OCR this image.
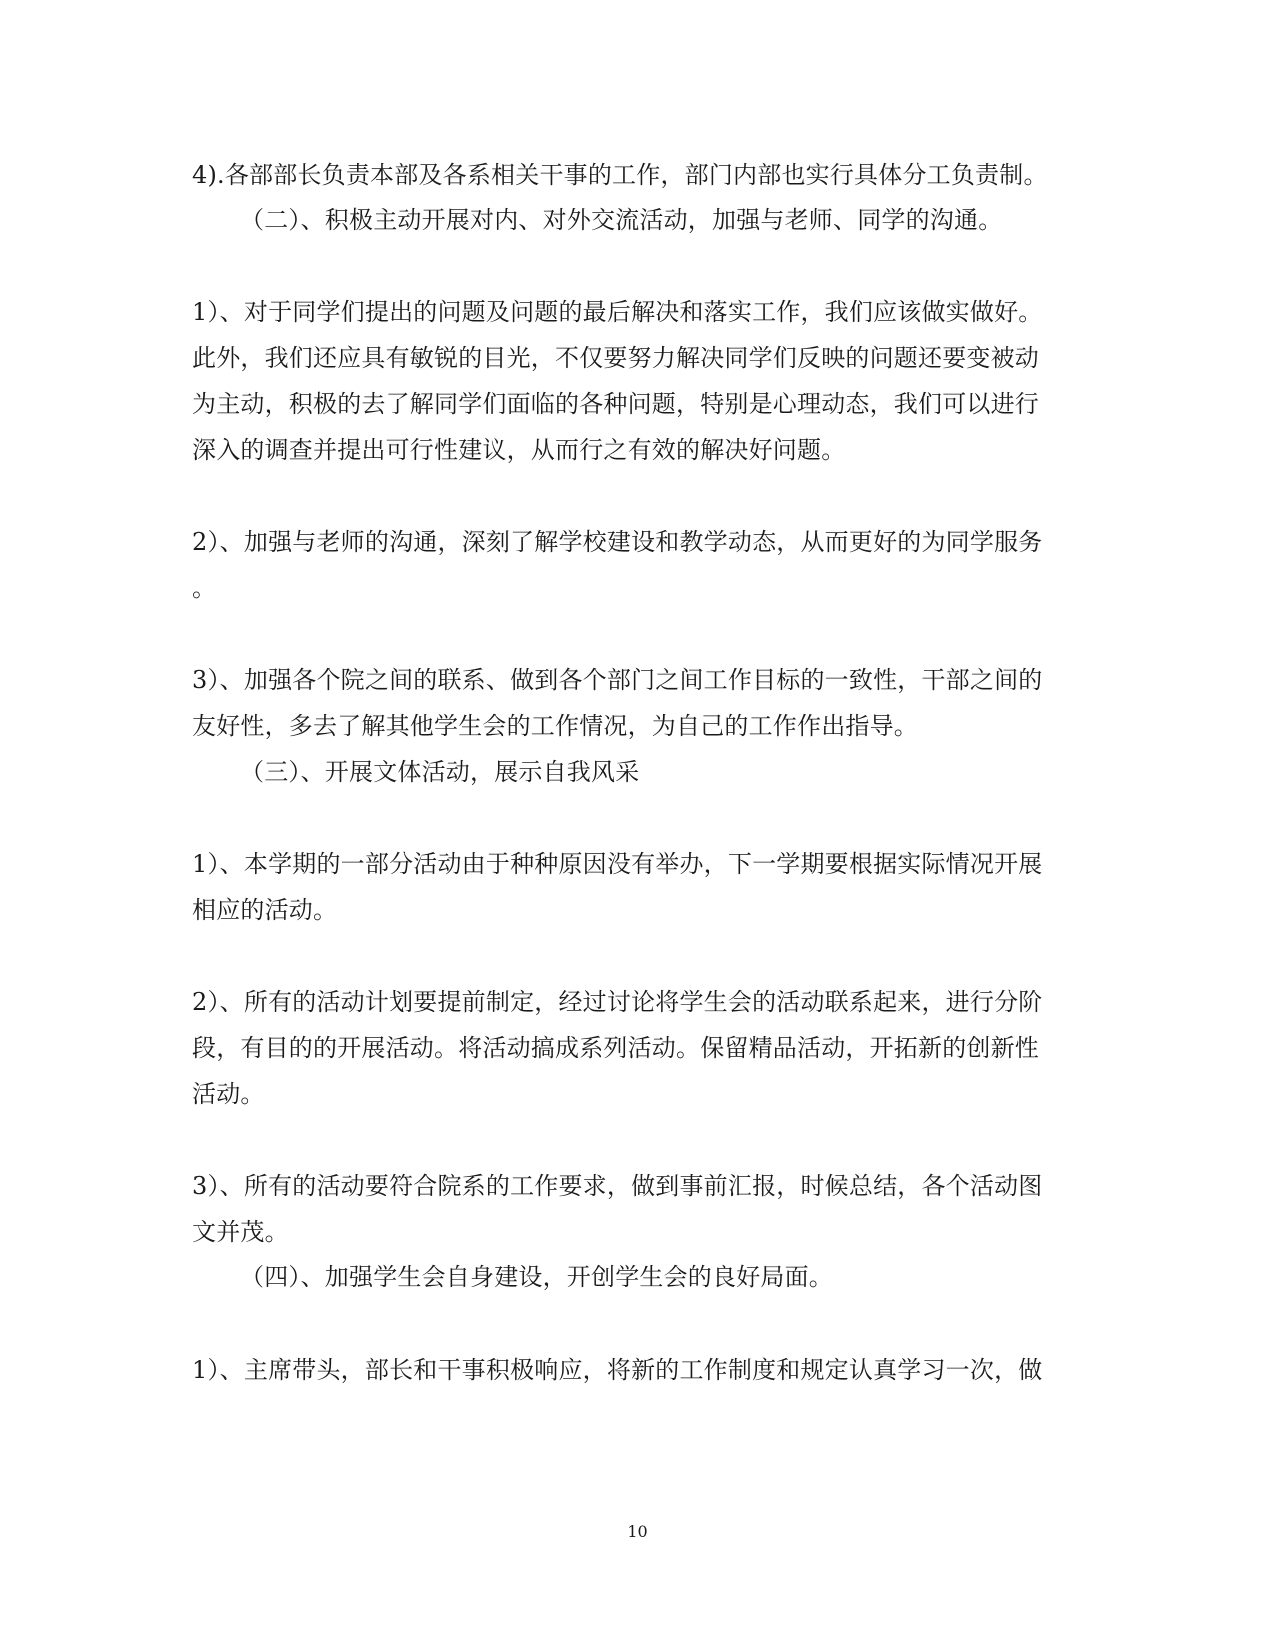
4).各部部长负责本部及各系相关干事的工作，部门内部也实行具体分工负责制。
（二）、积极主动开展对内、对外交流活动，加强与老师、同学的沟通。
1）、对于同学们提出的问题及问题的最后解决和落实工作，我们应该做实做好。
此外，我们还应具有敏锐的目光，不仅要努力解决同学们反映的问题还要变被动
为主动，积极的去了解同学们面临的各种问题，特别是心理动态，我们可以进行
深入的调查并提出可行性建议，从而行之有效的解决好问题。
2）、加强与老师的沟通，深刻了解学校建设和教学动态，从而更好的为同学服务
。
3）、加强各个院之间的联系、做到各个部门之间工作目标的一致性，干部之间的
友好性，多去了解其他学生会的工作情况，为自己的工作作出指导。
（三）、开展文体活动，展示自我风采
1）、本学期的一部分活动由于种种原因没有举办，下一学期要根据实际情况开展
相应的活动。
2）、所有的活动计划要提前制定，经过讨论将学生会的活动联系起来，进行分阶
段，有目的的开展活动。将活动搞成系列活动。保留精品活动，开拓新的创新性
活动。
3）、所有的活动要符合院系的工作要求，做到事前汇报，时候总结，各个活动图
文并茂。
（四）、加强学生会自身建设，开创学生会的良好局面。
1）、主席带头，部长和干事积极响应，将新的工作制度和规定认真学习一次，做
10
